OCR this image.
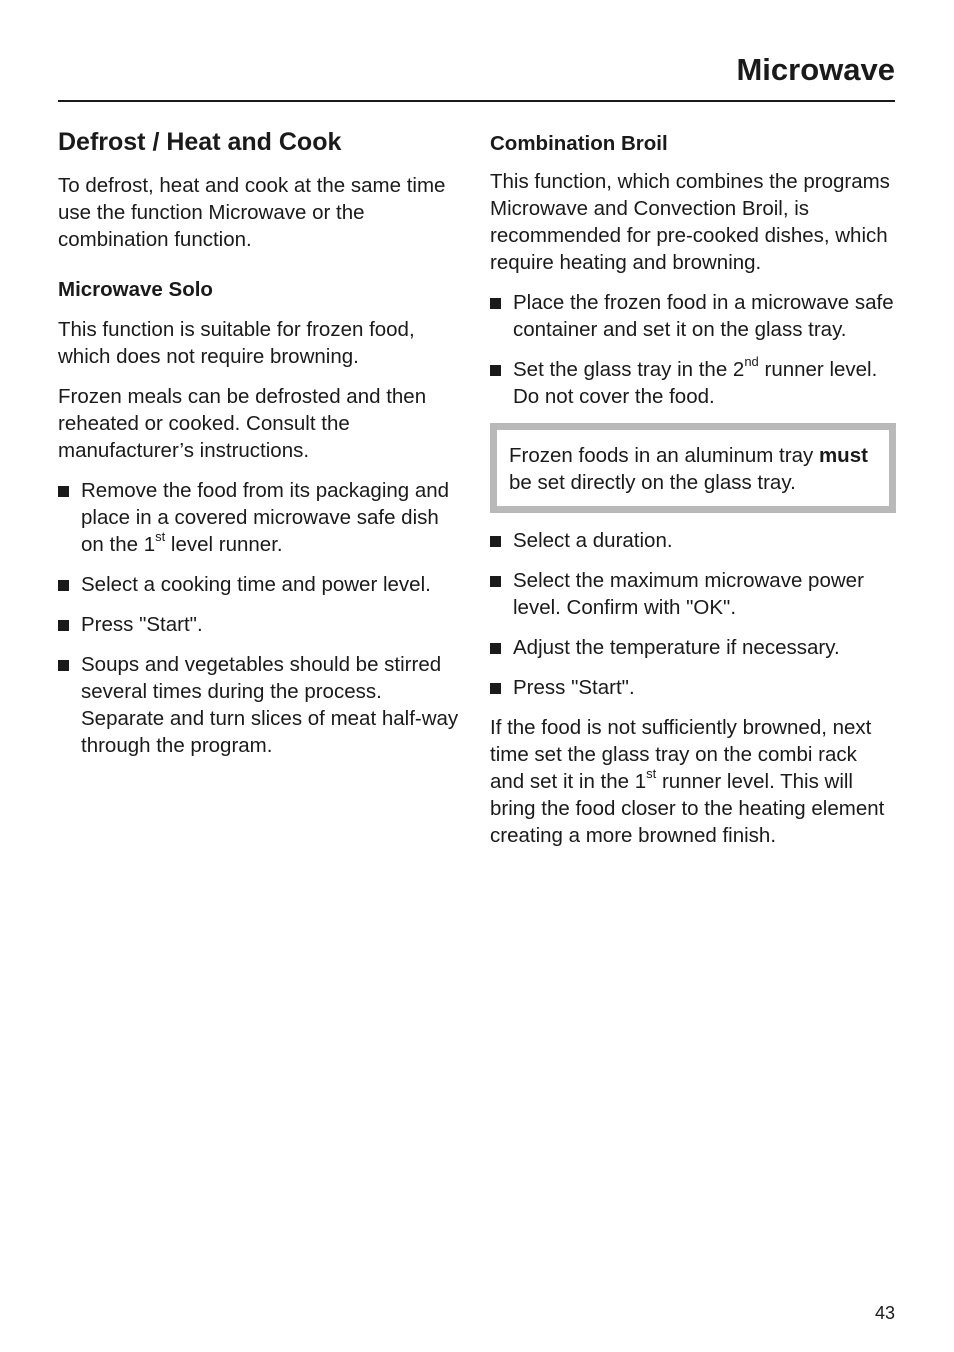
Microwave
Defrost / Heat and Cook

To defrost, heat and cook at the same time use the function Microwave or the combination function.

Microwave Solo

This function is suitable for frozen food, which does not require browning.

Frozen meals can be defrosted and then reheated or cooked. Consult the manufacturer’s instructions.

Remove the food from its packaging and place in a covered microwave safe dish on the 1st level runner.
Select a cooking time and power level.
Press "Start".
Soups and vegetables should be stirred several times during the process.
Separate and turn slices of meat half-way through the program.
Combination Broil

This function, which combines the programs Microwave and Convection Broil, is recommended for pre-cooked dishes, which require heating and browning.

Place the frozen food in a microwave safe container and set it on the glass tray.
Set the glass tray in the 2nd runner level. Do not cover the food.

Frozen foods in an aluminum tray must be set directly on the glass tray.

Select a duration.
Select the maximum microwave power level. Confirm with "OK".
Adjust the temperature if necessary.
Press "Start".

If the food is not sufficiently browned, next time set the glass tray on the combi rack and set it in the 1st runner level. This will bring the food closer to the heating element creating a more browned finish.

43
